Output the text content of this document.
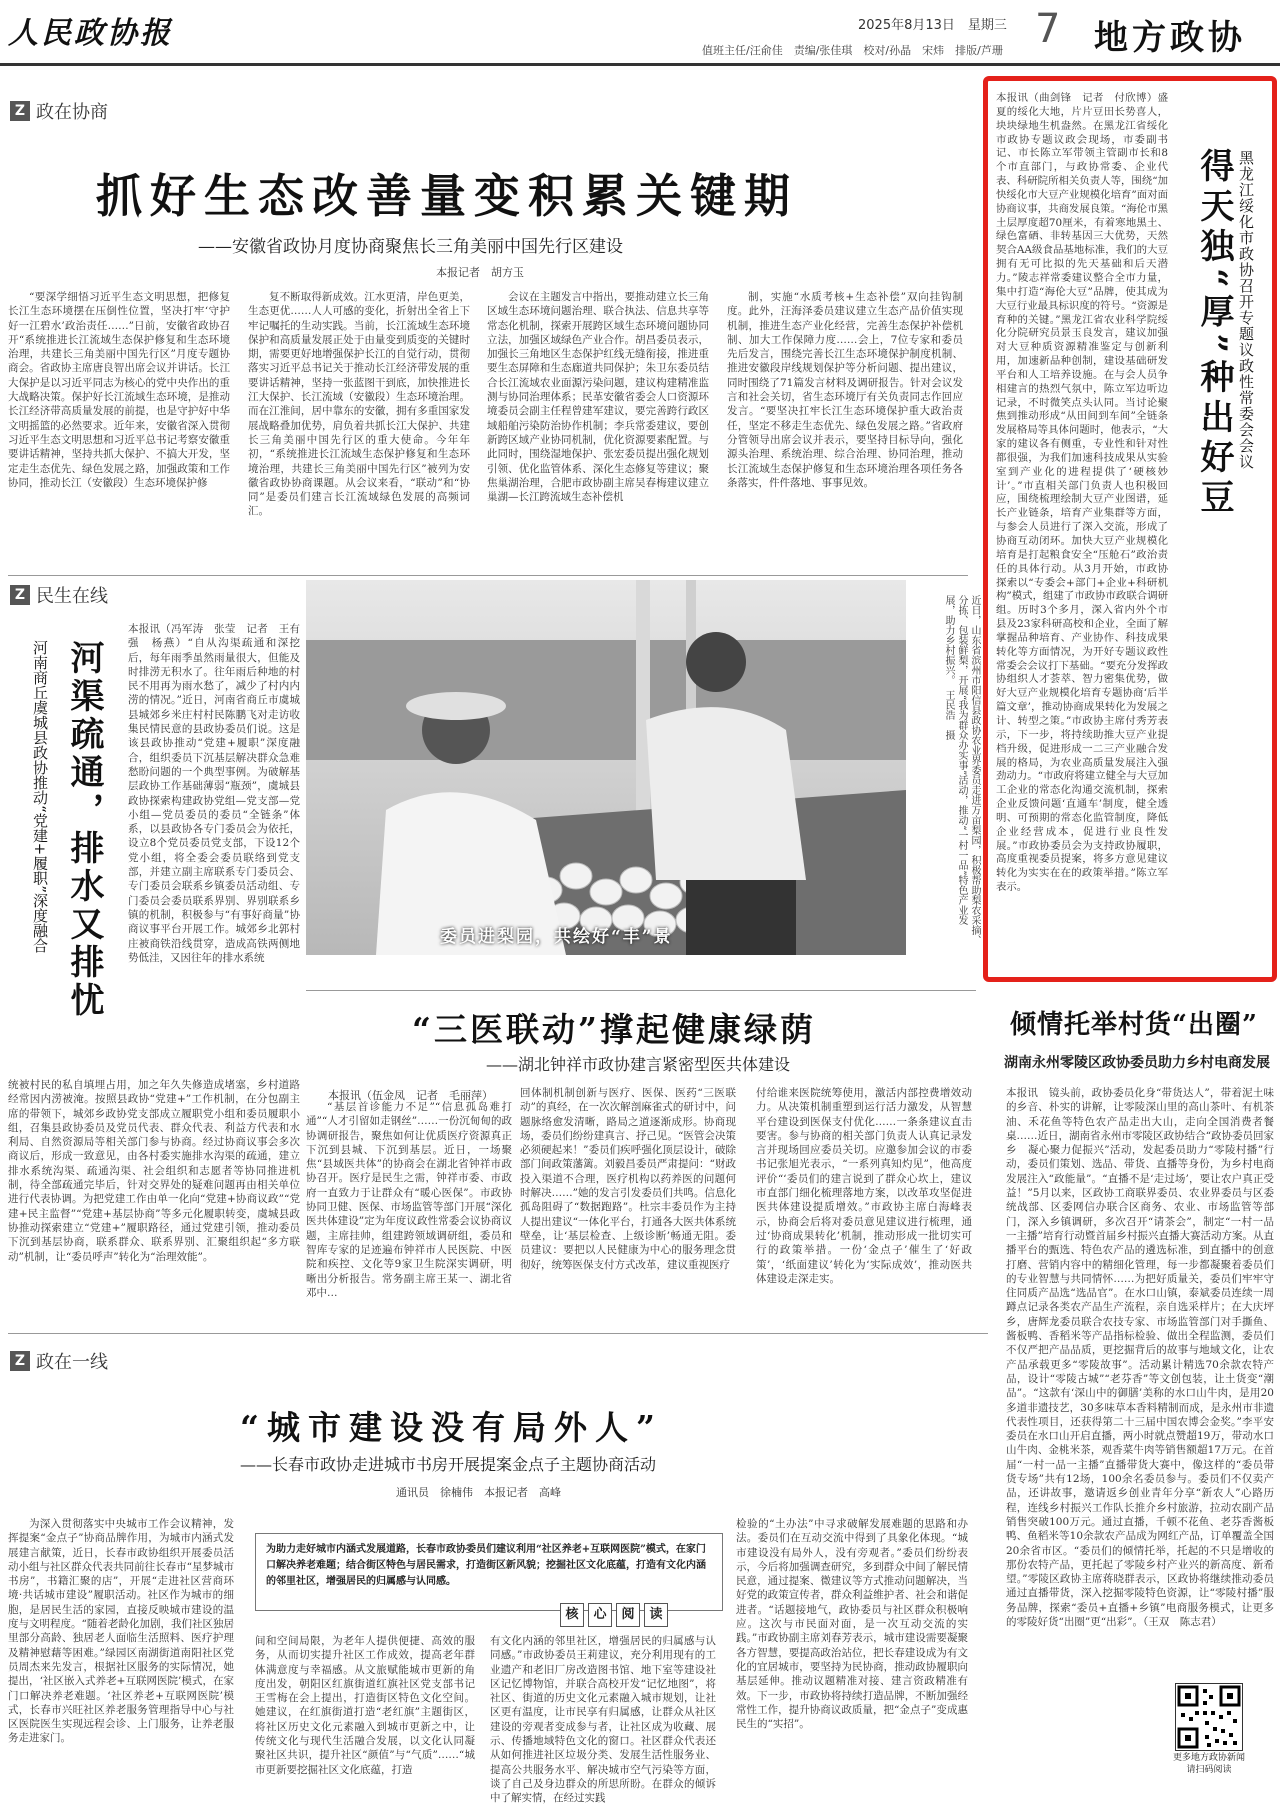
人民政协报	2025年8月13日　星期三
值班主任/汪俞佳　责编/张佳琪　校对/孙晶　宋炜　排版/芦珊 7 地方政协
Z 政在协商
抓好生态改善量变积累关键期
——安徽省政协月度协商聚焦长三角美丽中国先行区建设
本报记者　胡方玉
“要深学细悟习近平生态文明思想，把修复长江生态环境摆在压倒性位置，坚决打牢‘守护好一江碧水’政治责任……”日前，安徽省政协召开“系统推进长江流域生态保护修复和生态环境治理，共建长三角美丽中国先行区”月度专题协商会。省政协主席唐良智出席会议并讲话。长江大保护是以习近平同志为核心的党中央作出的重大战略决策。保护好长江流域生态环境，是推动长江经济带高质量发展的前提，也是守护好中华文明摇篮的必然要求。近年来，安徽省深入贯彻习近平生态文明思想和习近平总书记考察安徽重要讲话精神，坚持共抓大保护、不搞大开发，坚定走生态优先、绿色发展之路，加强政策和工作协同，推动长江（安徽段）生态环境保护修
复不断取得新成效。江水更清，岸色更美，生态更优……人人可感的变化，折射出全省上下牢记嘱托的生动实践。当前，长江流域生态环境保护和高质量发展正处于由量变到质变的关键时期，需要更好地增强保护长江的自觉行动，贯彻落实习近平总书记关于推动长江经济带发展的重要讲话精神，坚持一张蓝图干到底，加快推进长江大保护、长江流域（安徽段）生态环境治理。而在江淮间，居中靠东的安徽，拥有多重国家发展战略叠加优势，肩负着共抓长江大保护、共建长三角美丽中国先行区的重大使命。今年年初，“系统推进长江流域生态保护修复和生态环境治理，共建长三角美丽中国先行区”被列为安徽省政协协商课题。从会议来看，“联动”和“协同”是委员们建言长江流域绿色发展的高频词汇。
会议在主题发言中指出，要推动建立长三角区域生态环境问题治理、联合执法、信息共享等常态化机制，探索开展跨区域生态环境问题协同立法，加强区域绿色产业合作。胡昌委员表示，加强长三角地区生态保护红线无缝衔接，推进重要生态屏障和生态廊道共同保护；朱卫东委员结合长江流域农业面源污染问题，建议构建精准监测与协同治理体系；民革安徽省委会人口资源环境委员会副主任程曾建军建议，要完善跨行政区域船舶污染防治协作机制；李兵常委建议，要创新跨区域产业协同机制，优化资源要素配置。与此同时，围绕湿地保护、张宏委员提出强化规划引领、优化监管体系、深化生态修复等建议；聚焦巢湖治理，合肥市政协副主席吴春梅建议建立巢湖—长江跨流域生态补偿机
制，实施“水质考核+生态补偿”双向挂钩制度。此外，汪海泽委员建议建立生态产品价值实现机制，推进生态产业化经营，完善生态保护补偿机制、加大工作保障力度……会上，7位专家和委员先后发言，围绕完善长江生态环境保护制度机制、推进安徽段岸线规划保护等分析问题、提出建议，同时围绕了71篇发言材料及调研报告。针对会议发言和社会关切，省生态环境厅有关负责同志作回应发言。“要坚决扛牢长江生态环境保护重大政治责任，坚定不移走生态优先、绿色发展之路。”省政府分管领导出席会议并表示，要坚持目标导向，强化源头治理、系统治理、综合治理、协同治理，推动长江流域生态保护修复和生态环境治理各项任务各条落实，件件落地、事事见效。
本报讯（曲剑锋　记者　付欣博）盛夏的绥化大地，片片豆田长势喜人，块块绿地生机盎然。在黑龙江省绥化市政协专题议政会现场，市委副书记、市长陈立军带领主管副市长和8个市直部门，与政协常委、企业代表、科研院所相关负责人等，围绕“加快绥化市大豆产业规模化培育”面对面协商议事，共商发展良策。“海伦市黑土层厚度超70厘米，有着寒地黑土、绿色富硒、非转基因三大优势，天然契合AA级食品基地标准，我们的大豆拥有无可比拟的先天基础和后天潜力。”陵志祥常委建议整合全市力量，集中打造“海伦大豆”品牌，使其成为大豆行业最具标识度的符号。“资源是育种的关键。”黑龙江省农业科学院绥化分院研究员景玉良发言，建议加强对大豆种质资源精准鉴定与创新利用，加速新品种创制，建设基础研发平台和人工培养设施。在与会人员争相建言的热烈气氛中，陈立军边听边记录，不时微笑点头认同。当讨论聚焦到推动形成“从田间到车间”全链条发展格局等具体问题时，他表示，“大家的建议各有侧重，专业性和针对性都很强，为我们加速科技成果从实验室到产业化的进程提供了‘硬核妙计’。”市直相关部门负责人也积极回应，围绕梳理绘制大豆产业图谱，延长产业链条，培育产业集群等方面，与参会人员进行了深入交流，形成了协商互动闭环。加快大豆产业规模化培育是打起粮食安全“压舱石”政治责任的具体行动。从3月开始，市政协探索以“专委会+部门+企业+科研机构”模式，组建了市政协市政联合调研组。历时3个多月，深入省内外个市县及23家科研高校和企业，全面了解掌握品种培育、产业协作、科技成果转化等方面情况，为开好专题议政性常委会会议打下基础。“要充分发挥政协组织人才荟萃、智力密集优势，做好大豆产业规模化培育专题协商‘后半篇文章’，推动协商成果转化为发展之计、转型之策。”市政协主席付秀芳表示，下一步，将持续助推大豆产业提档升级，促进形成一二三产业融合发展的格局，为农业高质量发展注入强劲动力。“市政府将建立健全与大豆加工企业的常态化沟通交流机制，探索企业反馈问题‘直通车’制度，健全透明、可预期的常态化监管制度，降低企业经营成本，促进行业良性发展。”市政协委员会为支持政协履职，高度重视委员提案，将多方意见建议转化为实实在在的政策举措。”陈立军表示。
得天独“厚”种出好豆 黑龙江绥化市政协召开专题议政性常委会会议
Z 民生在线
河渠疏通，排水又排忧
河南商丘虞城县政协推动“党建+履职”深度融合
本报讯（冯军涛　张莹　记者　王有强　杨燕）“自从沟渠疏通和深挖后，每年雨季虽然雨量很大，但能及时排涝无积水了。往年雨后种地的村民不用再为雨水愁了，减少了村内内涝的情况。”近日，河南省商丘市虞城县城郊乡米庄村村民陈鹏飞对走访收集民情民意的县政协委员们说。这是该县政协推动“党建+履职”深度融合，组织委员下沉基层解决群众急难愁盼问题的一个典型事例。为破解基层政协工作基础薄弱“瓶颈”，虞城县政协探索构建政协党组—党支部—党小组—党员委员的委员“全链条”体系，以县政协各专门委员会为依托，设立8个党员委员党支部，下设12个党小组，将全委会委员联络到党支部，并建立副主席联系专门委员会、专门委员会联系乡镇委员活动组、专门委员会委员联系界别、界别联系乡镇的机制，积极参与“有事好商量”协商议事平台开展工作。城郊乡北郭村庄被商铁沿线贯穿，造成高铁两侧地势低洼，又因往年的排水系统
统被村民的私自填埋占用，加之年久失修造成堵塞，乡村道路经常因内涝被淹。按照县政协“党建+”工作机制，在分包副主席的带领下，城郊乡政协党支部成立履职党小组和委员履职小组，召集县政协委员及党员代表、群众代表、利益方代表和水利局、自然资源局等相关部门参与协商。经过协商议事会多次商议后，形成一致意见，由各村委实施排水沟渠的疏通，建立排水系统沟渠、疏通沟渠、社会组织和志愿者等协同推进机制，待全部疏通完毕后，针对交界处的疑难问题再由相关单位进行代表协调。为把党建工作由单一化向“党建+协商议政”“党建+民主监督”“党建+基层协商”等多元化履职转变，虞城县政协推动探索建立“党建+”履职路径，通过党建引领，推动委员下沉到基层协商，联系群众、联系界别、汇聚组织起“多方联动”机制，让“委员呼声”转化为“治理效能”。
委员进梨园，共绘好“丰”景	近日，山东省滨州市阳信县政协农业界委员走进万亩梨园，积极帮助梨农采摘、分拣、包装鲜梨，开展“我为群众办实事”活动，推动“一村一品”特色产业发展，助力乡村振兴。　王民浩　摄
“三医联动”撑起健康绿荫
——湖北钟祥市政协建言紧密型医共体建设
本报讯（伍金凤　记者　毛丽萍）
“基层首诊能力不足”“信息孤岛难打通”“人才引留如走钢丝”……一份沉甸甸的政协调研报告，聚焦如何让优质医疗资源真正下沉到县城、下沉到基层。近日，一场聚焦“县域医共体”的协商会在湖北省钟祥市政协召开。医疗是民生之需，钟祥市委、市政府一直致力于让群众有“暖心医保”。市政协协同卫健、医保、市场监管等部门开展“深化医共体建设”定为年度议政性常委会议协商议题，主席挂帅，组建跨领域调研组，委员和智库专家的足迹遍布钟祥市人民医院、中医院和疾控、文化等9家卫生院深实调研，明晰出分析报告。常务副主席王某一、湖北省邓中…
回体制机制创新与医疗、医保、医药“三医联动”的真经，在一次次解剖麻雀式的研讨中，问题脉络愈发清晰，路局之道逐渐成形。协商现场，委员们纷纷建真言、抒己见。“医管会决策必须硬起来！”委员们疾呼强化顶层设计，破除部门间政策藩篱。刘毅昌委员严肃提问：“财政投入渠道不合理，医疗机构以药养医的问题何时解决……”她的发言引发委员们共鸣。信息化孤岛阻碍了“数据跑路”。杜宗丰委员作为主持人提出建议“一体化平台，打通各大医共体系统壁垒，让‘基层检查、上级诊断’畅通无阻。委员建议：要把以人民健康为中心的服务理念贯彻好，统筹医保支付方式改革，建议重视医疗
付给谁来医院统筹使用，激活内部控费增效动力。从决策机制重塑到运行活力激发，从智慧平台建设到医保支付优化……一条条建议直击要害。参与协商的相关部门负责人认真记录发言并现场回应委员关切。应邀参加会议的市委书记张旭光表示，“一系列真知灼见”，他高度评价“‘委员们的建言说到了群众心坎上，建议市直部门细化梳理落地方案，以改革攻坚促进医共体建设提质增效。”市政协主席白海峰表示，协商会后将对委员意见建议进行梳理，通过‘协商成果转化’机制，推动形成一批切实可行的政策举措。一份‘金点子’催生了‘好政策’，‘纸面建议’转化为‘实际成效’，推动医共体建设走深走实。
倾情托举村货“出圈”
湖南永州零陵区政协委员助力乡村电商发展
本报讯　镜头前，政协委员化身“带货达人”，带着泥土味的乡音、朴实的讲解，让零陵深山里的高山茶叶、有机茶油、禾花鱼等特色农产品走出大山，走向全国消费者餐桌……近日，湖南省永州市零陵区政协结合“政协委员回家乡　凝心聚力促振兴”活动，发起委员助力“零陵村播”行动，委员们策划、选品、带货、直播等身份，为乡村电商发展注入“政能量”。“直播不是‘走过场’，要让农户真正受益！”5月以来，区政协工商联界委员、农业界委员与区委统战部、区委网信办联合区商务、农业、市场监管等部门，深入乡镇调研，多次召开“请茶会”，制定“一村一品一主播”培育行动暨首届乡村振兴直播大赛活动方案。从直播平台的甄选、特色农产品的遴选标准，到直播中的创意打磨、营销内容中的精细化管理，每一步都凝聚着委员们的专业智慧与共同情怀……为把好质量关，委员们牢牢守住同质产品选“选品官”。在水口山镇，泰斌委员连续一周蹲点记录各类农产品生产流程，亲自选采样片；在大庆坪乡，唐辉龙委员联合农技专家、市场监管部门对手撕鱼、酱板鸭、香稻米等产品指标检验、做出全程监测，委员们不仅严把产品品质，更挖掘背后的故事与地域文化，让农产品承载更多“零陵故事”。活动累计精选70余款农特产品，设计“零陵古城”“老芬香”等文创包装，让土货变“潮品”。“这款有‘深山中的御膳’美称的水口山牛肉，是用20多道非遗技艺，30多味草本香料精制而成，是永州市非遗代表性项目，还获得第二十三届中国农博会金奖。”李平安委员在水口山开启直播，两小时就点赞超19万，带动水口山牛肉、金桃米茶，观香菜牛肉等销售额超17万元。在首届“一村一品一主播”直播带货大赛中，像这样的“委员带货专场”共有12场，100余名委员参与。委员们不仅卖产品，还讲故事，邀请返乡创业青年分享“新农人”心路历程，连线乡村振兴工作队长推介乡村旅游，拉动农副产品销售突破100万元。通过直播，千顿不花鱼、老芬香酱板鸭、鱼稻米等10余款农产品成为网红产品，订单覆盖全国20余省市区。“委员们的倾情托举，托起的不只是增收的那份农特产品，更托起了零陵乡村产业兴的新高度、新希望。”零陵区政协主席蒋晓群表示，区政协将继续推动委员通过直播带货，深入挖掘零陵特色资源，让“零陵村播”服务品牌，探索“委员+直播+乡镇”电商服务模式，让更多的零陵好货“出圈”更“出彩”。（王双　陈志君）
更多地方政协新闻
请扫码阅读
Z 政在一线
“城市建设没有局外人”
——长春市政协走进城市书房开展提案金点子主题协商活动
通讯员　徐楠伟　本报记者　高峰
为深入贯彻落实中央城市工作会议精神，发挥提案“金点子”协商品牌作用，为城市内涵式发展建言献策，近日，长春市政协组织开展委员活动小组与社区群众代表共同前往长春市“星梦城市书房”，书籍汇聚的店”，开展“走进社区营商环境·共话城市建设”履职活动。社区作为城市的细胞，是居民生活的家园，直接反映城市建设的温度与文明程度。“随着老龄化加剧，我们社区独居里部分高龄、独居老人面临生活照料、医疗护理及精神慰藉等困难。”绿园区南湖街道南阳社区党员周杰来先发言，根据社区服务的实际情况，她提出，‘社区嵌入式养老+互联网医院’模式，在家门口解决养老难题。‘社区养老+互联网医院’模式，长春市兴旺社区养老服务管理指导中心与社区医院医生实现远程会诊、上门服务，让养老服务走进家门。
为助力走好城市内涵式发展道路，长春市政协委员们建议利用“社区养老+互联网医院”模式，在家门口解决养老难题；结合街区特色与居民需求，打造街区新风貌；挖掘社区文化底蕴，打造有文化内涵的邻里社区，增强居民的归属感与认同感。
核	心	阅	读
间和空间局限，为老年人提供便捷、高效的服务，从而切实提升社区工作成效，提高老年群体满意度与幸福感。从文旅赋能城市更新的角度出发，朝阳区红旗街道红旗社区党支部书记王雪梅在会上提出，打造街区特色文化空间。她建议，在红旗街道打造“老红旗”主题街区，将社区历史文化元素融入到城市更新之中，让传统文化与现代生活融合发展，以文化认同凝聚社区共识，提升社区“颜值”与“气质”……“城市更新要挖掘社区文化底蕴，打造
有文化内涵的邻里社区，增强居民的归属感与认同感。”市政协委员王莉建议，充分利用现有的工业遗产和老旧厂房改造图书馆、地下室等建设社区记忆博物馆，并联合高校开发“记忆地图”，将社区、街道的历史文化元素融入城市规划，让社区更有温度，让市民享有归属感，让群众从社区建设的旁观者变成参与者，让社区成为收藏、展示、传播地域特色文化的窗口。社区群众代表还从如何推进社区垃圾分类、发展生活性服务业、提高公共服务水平、解决城市空气污染等方面，谈了自己及身边群众的所思所盼。在群众的倾诉中了解实情，在经过实践
检验的“土办法”中寻求破解发展难题的思路和办法。委员们在互动交流中得到了具象化体现。“城市建设没有局外人，没有旁观者。”委员们纷纷表示，今后将加强调查研究，多到群众中间了解民情民意，通过提案、微建议等方式推动问题解决，当好党的政策宣传者，群众利益维护者、社会和谐促进者。“话题接地气，政协委员与社区群众积极响应。这次与市民面对面，是一次互动交流的实践。”市政协副主席刘春芳表示，城市建设需要凝聚各方智慧，要提高政治站位，把长春建设成为有文化的宜居城市，要坚持为民协商，推动政协履职向基层延伸。推动议题精准对接、建言资政精准有效。下一步，市政协将持续打造品牌，不断加强经常性工作，提升协商议政质量，把“金点子”变成惠民生的“实招”。
